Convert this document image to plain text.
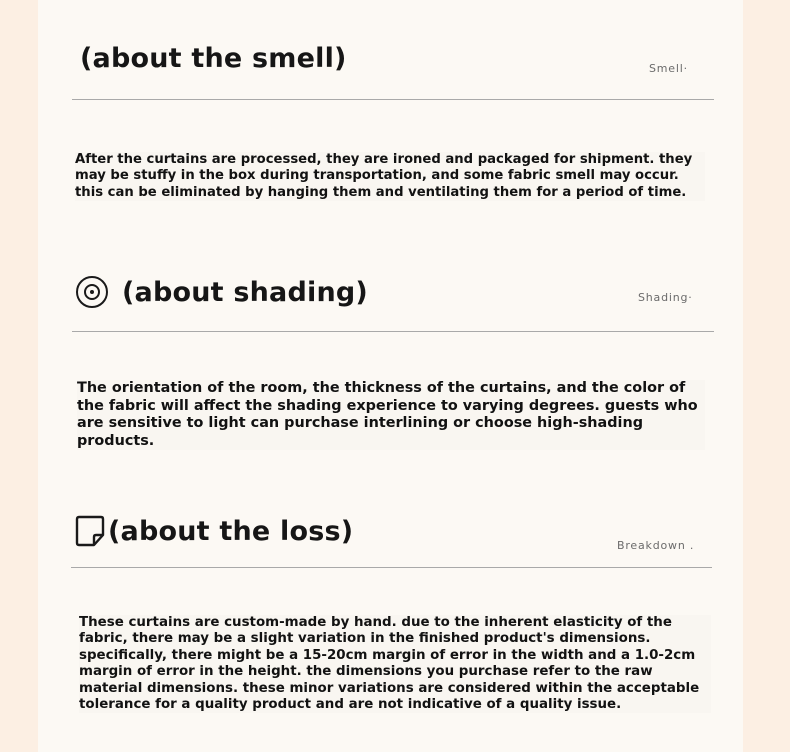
(about the smell)	Smell·
After the curtains are processed, they are ironed and packaged for shipment. they may be stuffy in the box during transportation, and some fabric smell may occur. this can be eliminated by hanging them and ventilating them for a period of time.
(about shading)	Shading·
The orientation of the room, the thickness of the curtains, and the color of the fabric will affect the shading experience to varying degrees. guests who are sensitive to light can purchase interlining or choose high-shading products.
(about the loss)	Breakdown .
These curtains are custom-made by hand. due to the inherent elasticity of the fabric, there may be a slight variation in the finished product's dimensions. specifically, there might be a 15-20cm margin of error in the width and a 1.0-2cm margin of error in the height. the dimensions you purchase refer to the raw material dimensions. these minor variations are considered within the acceptable tolerance for a quality product and are not indicative of a quality issue.
